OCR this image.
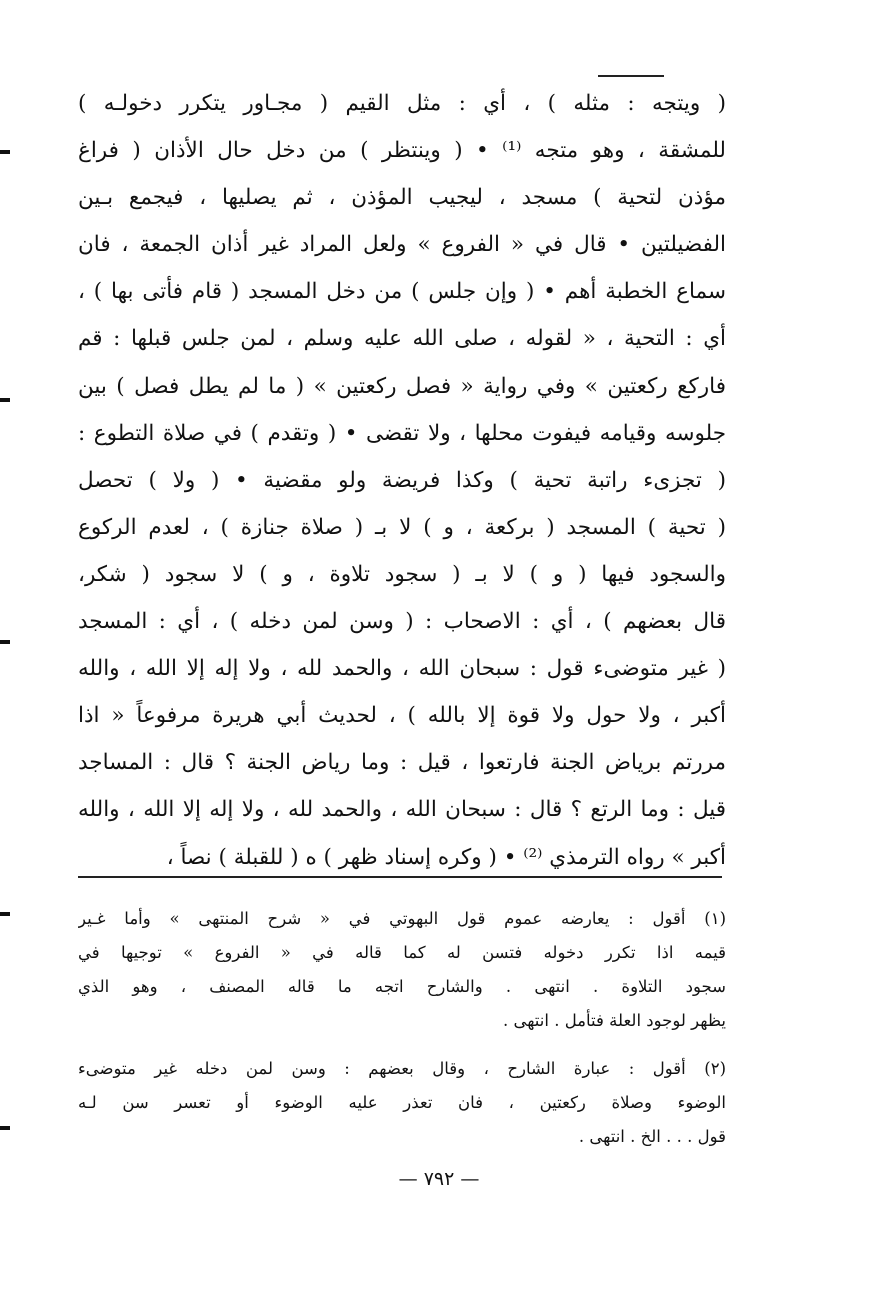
( ويتجه : مثله ) ، أي : مثل القيم ( مجـاور يتكرر دخولـه )
للمشقة ، وهو متجه ⁽¹⁾ • ( وينتظر ) من دخل حال الأذان ( فراغ
مؤذن لتحية ) مسجد ، ليجيب المؤذن ، ثم يصليها ، فيجمع بـين
الفضيلتين • قال في « الفروع » ولعل المراد غير أذان الجمعة ، فان
سماع الخطبة أهم • ( وإن جلس ) من دخل المسجد ( قام فأتى بها ) ،
أي : التحية ، « لقوله ، صلى الله عليه وسلم ، لمن جلس قبلها : قم
فاركع ركعتين » وفي رواية « فصل ركعتين » ( ما لم يطل فصل ) بين
جلوسه وقيامه فيفوت محلها ، ولا تقضى • ( وتقدم ) في صلاة التطوع :
( تجزىء راتبة تحية ) وكذا فريضة ولو مقضية • ( ولا ) تحصل
( تحية ) المسجد ( بركعة ، و ) لا بـ ( صلاة جنازة ) ، لعدم الركوع
والسجود فيها ( و ) لا بـ ( سجود تلاوة ، و ) لا سجود ( شكر،
قال بعضهم ) ، أي : الاصحاب : ( وسن لمن دخله ) ، أي : المسجد
( غير متوضىء قول : سبحان الله ، والحمد لله ، ولا إله إلا الله ، والله
أكبر ، ولا حول ولا قوة إلا بالله ) ، لحديث أبي هريرة مرفوعاً « اذا
مررتم برياض الجنة فارتعوا ، قيل : وما رياض الجنة ؟ قال : المساجد
قيل : وما الرتع ؟ قال : سبحان الله ، والحمد لله ، ولا إله إلا الله ، والله
أكبر » رواه الترمذي ⁽²⁾ • ( وكره إسناد ظهر ) ه ( للقبلة ) نصاً ،
(١) أقول : يعارضه عموم قول البهوتي في « شرح المنتهى » وأما غـير
قيمه اذا تكرر دخوله فتسن له كما قاله في « الفروع » توجيها في
سجود التلاوة . انتهى . والشارح اتجه ما قاله المصنف ، وهو الذي
يظهر لوجود العلة فتأمل . انتهى .
(٢) أقول : عبارة الشارح ، وقال بعضهم : وسن لمن دخله غير متوضىء
الوضوء وصلاة ركعتين ، فان تعذر عليه الوضوء أو تعسر سن لـه
قول . . . الخ . انتهى .
— ٧٩٢ —
